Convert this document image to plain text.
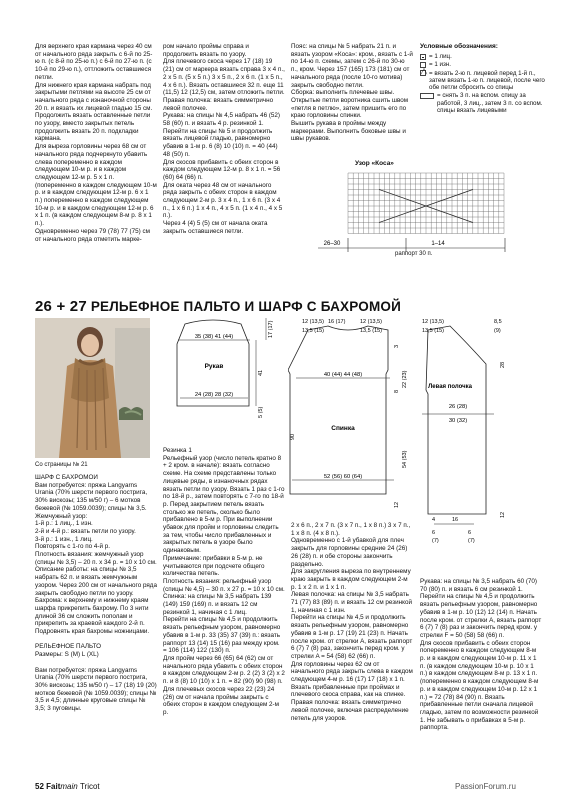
Для верхнего края кармана через 40 см от начального ряда закрыть с 6-й по 25-ю п. (с 8-й по 25-ю п.) с 6-й по 27-ю п. (с 10-й по 29-ю п.), оттложить оставшиеся петли.
Для нижнего края кармана набрать под закрытыми петлями на высоте 25 см от начального ряда с изнаночной стороны 20 п. и вязать их лицевой гладью 15 см. Продолжить вязать оставленные петли по узору, вместо закрытых петель продолжить вязать 20 п. подкладки кармана.
Для выреза горловины через 68 см от начального ряда подчеркнуто убавить слева попеременно в каждом следующем 10-м р. и в каждом следующем 12-м р. 5 х 1 п. (попеременно в каждом следующем 10-м р. и в каждом следующем 12-м р. 6 х 1 п.) попеременно в каждом следующем 10-м р. и в каждом следующем 12-м р. 6 х 1 п. (в каждом следующем 8-м р. 8 х 1 п.).
Одновременно через 79 (78) 77 (75) см от начального ряда отметить марке-
ром начало проймы справа и продолжить вязать по узору.
Для плечевого скоса через 17 (18) 19 (21) см от маркера вязать справа 3 х 4 п., 2 х 5 п. (5 х 5 п.) 3 х 5 п., 2 х 6 п. (1 х 5 п., 4 х 6 п.). Вязать оставшиеся 32 п. еще 11 (11,5) 12 (12,5) см, затем отложить петли.
Правая полочка: вязать симметрично левой полочке.
Рукава: на спицы № 4,5 набрать 46 (52) 58 (60) п. и вязать 4 р. резинкой 1.
Перейти на спицы № 5 и продолжить вязать лицевой гладью, равномерно убавив в 1-м р. 6 (8) 10 (10) п. = 40 (44) 48 (50) п.
Для скосов прибавить с обеих сторон в каждом следующем 12-м р. 8 х 1 п. = 56 (60) 64 (66) п.
Для оката через 48 см от начального ряда закрыть с обеих сторон в каждом следующем 2-м р. 3 х 4 п., 1 х 6 п. (3 х 4 п., 1 х 6 п.) 1 х 4 п., 4 х 5 п. (1 х 4 п., 4 х 5 п.).
Через 4 (4) 5 (5) см от начала оката закрыть оставшиеся петли.
Пояс: на спицы № 5 набрать 21 п. и вязать узором «Коса»: кром., вязать с 1-й по 14-ю п. схемы, затем с 26-й по 30-ю п., кром. Через 157 (165) 173 (181) см от начального ряда (после 10-го мотива) закрыть свободно петли.
Сборка: выполнить плечевые швы. Открытые петли воротника сшить швом «петля в петлю», затем пришить его по краю горловины спинки.
Вышить рукава в проймы между маркерами. Выполнить боковые швы и швы рукавов.
Условные обозначения:
= 1 лиц.
= 1 изн.
╱╲
= вязать 2-ю п. лицевой перед 1-й п., затем вязать 1-ю п. лицевой, после чего обе петли сбросить со спицы
= снять 3 п. на вспом. спицу за работой, 3 лиц., затем 3 п. со вспом. спицы вязать лицевыми
Узор «Коса»
26–30	1–14
раппорт 30 п.
26 + 27 РЕЛЬЕФНОЕ ПАЛЬТО И ШАРФ С БАХРОМОЙ
Со страницы № 21
ШАРФ С БАХРОМОЙ
Вам потребуется: пряжа Langyarns Urania (70% шерсти первого пострига, 30% вискозы; 135 м/50 г) – 6 мотков бежевой (№ 1059.0039); спицы № 3,5.
Жемчужный узор:
1-й р.: 1 лиц., 1 изн.
2-й и 4-й р.: вязать петли по узору.
3-й р.: 1 изн., 1 лиц.
Повторять с 1-го по 4-й р.
Плотность вязания: жемчужный узор (спицы № 3,5) – 20 п. х 34 р. = 10 х 10 см.
Описание работы: на спицы № 3,5 набрать 62 п. и вязать жемчужным узором. Через 200 см от начального ряда закрыть свободно петли по узору.
Бахрома: к верхнему и нижнему краям шарфа прикрепить бахрому. По 3 нити длиной 36 см сложить пополам и прикрепить за краевой каждого 2-й п. Подровнять края бахромы ножницами.

РЕЛЬЕФНОЕ ПАЛЬТО
Размеры: S (M) L (XL)

Вам потребуется: пряжа Langyarns Urania (70% шерсти первого пострига, 30% вискозы; 135 м/50 г) – 17 (18) 19 (20) мотков бежевой (№ 1059.0039); спицы № 3,5 и 4,5; длинные круговые спицы № 3,5; 3 пуговицы.
Резинка 1
Рельефный узор (число петель кратно 8 + 2 кром. в начале): вязать согласно схеме. На схеме представлены только лицевые ряды, в изнаночных рядах вязать петли по узору. Вязать 1 раз с 1-го по 18-й р., затем повторять с 7-го по 18-й р. Перед закрытием петель вязать столько же петель, сколько было прибавлено в 5-м р. При выполнении убавок для пройм и горловины следить за тем, чтобы число прибавленных и закрытых петель в узоре было одинаковым.
Примечание: прибавки в 5-м р. не учитываются при подсчете общего количества петель.
Плотность вязания: рельефный узор (спицы № 4,5) – 30 п. х 27 р. = 10 х 10 см.
Спинка: на спицы № 3,5 набрать 139 (149) 159 (169) п. и вязать 12 см резинкой 1, начиная с 1 лиц.
Перейти на спицы № 4,5 и продолжить вязать рельефным узором, равномерно убавив в 1-м р. 33 (35) 37 (39) п.: вязать раппорт 13 (14) 15 (16) раз между кром. = 106 (114) 122 (130) п.
Для пройм через 66 (65) 64 (62) см от начального ряда убавить с обеих сторон в каждом следующем 2-м р. 2 (2) 3 (2) х 2 п. и 8 (8) 10 (10) х 1 п. = 82 (90) 90 (98) п.
Для плечевых скосов через 22 (23) 24 (26) см от начала проймы закрыть с обеих сторон в каждом следующем 2-м р.
2 х 6 п., 2 х 7 п. (3 х 7 п., 1 х 8 п.) 3 х 7 п., 1 х 8 п. (4 х 8 п.).
Одновременно с 1-й убавкой для плеч закрыть для горловины средние 24 (26) 26 (28) п. и обе стороны закончить раздельно.
Для закругления выреза по внутреннему краю закрыть в каждом следующем 2-м р. 1 х 2 п. и 1 х 1 п.
Левая полочка: на спицы № 3,5 набрать 71 (77) 83 (89) п. и вязать 12 см резинкой 1, начиная с 1 изн.
Перейти на спицы № 4,5 и продолжить вязать рельефным узором, равномерно убавив в 1-м р. 17 (19) 21 (23) п. Начать после кром. от стрелки A, вязать раппорт 6 (7) 7 (8) раз, закончить перед кром. у стрелки A = 54 (58) 62 (66) п.
Для горловины через 62 см от начального ряда закрыть слева в каждом следующем 4-м р. 16 (17) 17 (18) х 1 п. Вязать прибавленные при проймах и плечевого скоса справа, как на спинке.
Правая полочка: вязать симметрично левой полочке, включая распределение петель для узоров.
Рукава: на спицы № 3,5 набрать 60 (70) 70 (80) п. и вязать 6 см резинкой 1.
Перейти на спицы № 4,5 и продолжить вязать рельефным узором, равномерно убавив в 1-м р. 10 (12) 12 (14) п. Начать после кром. от стрелки A, вязать раппорт 6 (7) 7 (8) раз и закончить перед кром. у стрелки F = 50 (58) 58 (66) п.
Для скосов прибавить с обеих сторон попеременно в каждом следующем 8-м р. и в каждом следующем 10-м р. 11 х 1 п. (в каждом следующем 10-м р. 10 х 1 п.) в каждом следующем 8-м р. 13 х 1 п. (попеременно в каждом следующем 8-м р. и в каждом следующем 10-м р. 12 х 1 п.) = 72 (78) 84 (90) п. Вязать прибавленные петли сначала лицевой гладью, затем по возможности резинкой 1. Не забывать о прибавках в 5-м р. раппорта.
35 (38) 41 (44)
Рукав
24 (28) 28 (32)
41
17 (17)
5 (5)
12 (13,5) 16 (17)	12 (13,5)
13,5 (15)	13,5 (15)
40 (44) 44 (48)
Спинка
52 (56) 60 (64)
90
3
54 (53)
22 (23)
8
12
12 (13,5)
13,5 (15)
Левая полочка
26 (28)
30 (32)
28
8,5
(9)
4	16
6
(7)
6
(7)
12
52 Faitmain Tricot	PassionForum.ru
